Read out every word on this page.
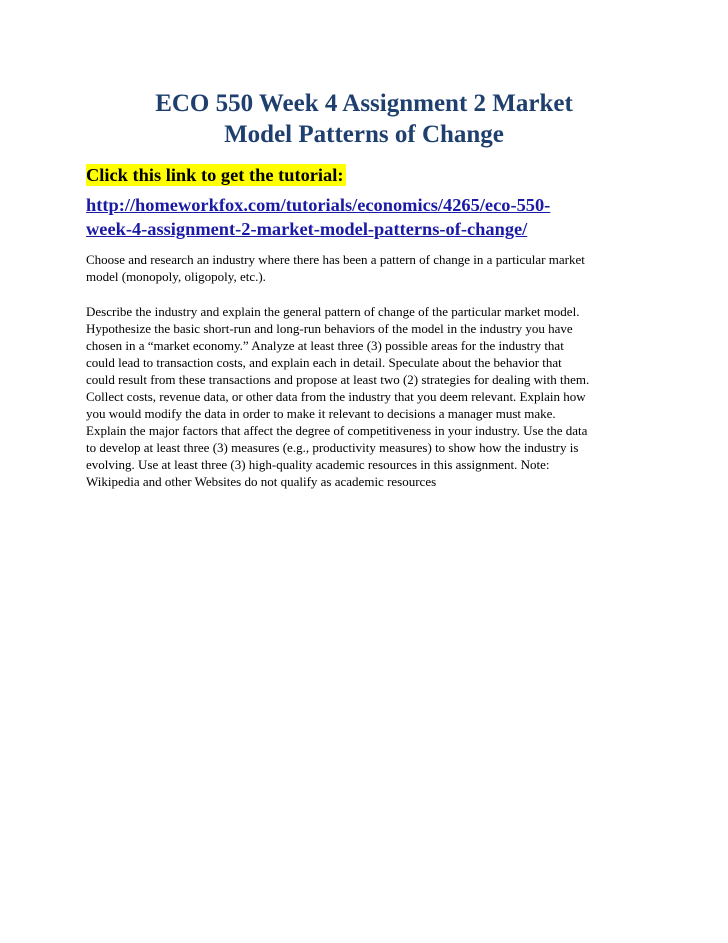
ECO 550 Week 4 Assignment 2 Market
Model Patterns of Change

Click this link to get the tutorial:

http://homeworkfox.com/tutorials/economics/4265/eco-550-
week-4-assignment-2-market-model-patterns-of-change/

Choose and research an industry where there has been a pattern of change in a particular market
model (monopoly, oligopoly, etc.).

Describe the industry and explain the general pattern of change of the particular market model.
Hypothesize the basic short-run and long-run behaviors of the model in the industry you have
chosen in a “market economy.” Analyze at least three (3) possible areas for the industry that
could lead to transaction costs, and explain each in detail. Speculate about the behavior that
could result from these transactions and propose at least two (2) strategies for dealing with them.
Collect costs, revenue data, or other data from the industry that you deem relevant. Explain how
you would modify the data in order to make it relevant to decisions a manager must make.
Explain the major factors that affect the degree of competitiveness in your industry. Use the data
to develop at least three (3) measures (e.g., productivity measures) to show how the industry is
evolving. Use at least three (3) high-quality academic resources in this assignment. Note:
Wikipedia and other Websites do not qualify as academic resources
